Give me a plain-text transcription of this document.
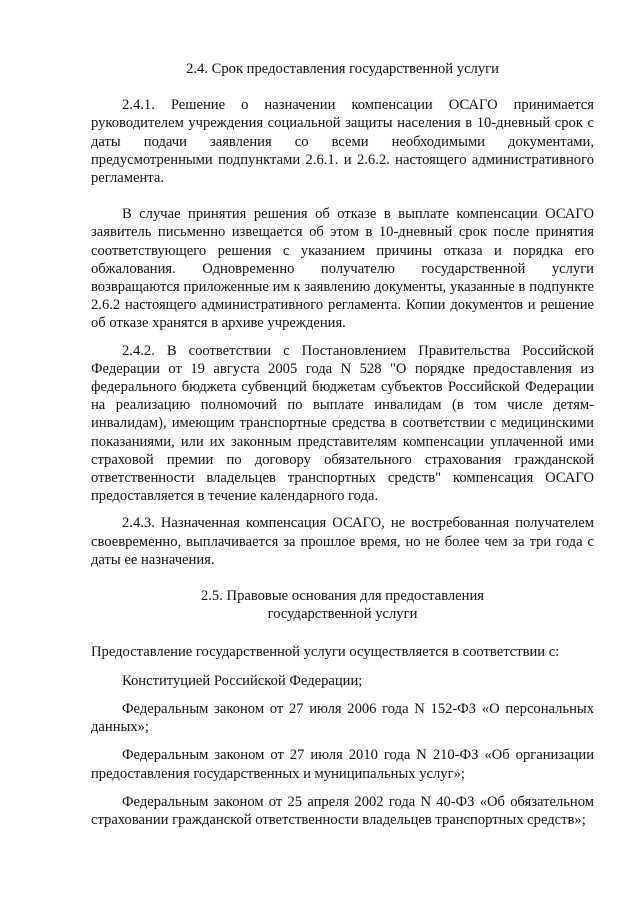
2.4. Срок предоставления государственной услуги

2.4.1. Решение о назначении компенсации ОСАГО принимается руководителем учреждения социальной защиты населения в 10-дневный срок с даты подачи заявления со всеми необходимыми документами, предусмотренными подпунктами 2.6.1. и 2.6.2. настоящего административного регламента.

В случае принятия решения об отказе в выплате компенсации ОСАГО заявитель письменно извещается об этом в 10-дневный срок после принятия соответствующего решения с указанием причины отказа и порядка его обжалования. Одновременно получателю государственной услуги возвращаются приложенные им к заявлению документы, указанные в подпункте 2.6.2 настоящего административного регламента. Копии документов и решение об отказе хранятся в архиве учреждения.

2.4.2. В соответствии с Постановлением Правительства Российской Федерации от 19 августа 2005 года N 528 "О порядке предоставления из федерального бюджета субвенций бюджетам субъектов Российской Федерации на реализацию полномочий по выплате инвалидам (в том числе детям-инвалидам), имеющим транспортные средства в соответствии с медицинскими показаниями, или их законным представителям компенсации уплаченной ими страховой премии по договору обязательного страхования гражданской ответственности владельцев транспортных средств" компенсация ОСАГО предоставляется в течение календарного года.

2.4.3. Назначенная компенсация ОСАГО, не востребованная получателем своевременно, выплачивается за прошлое время, но не более чем за три года с даты ее назначения.

2.5. Правовые основания для предоставления

государственной услуги

Предоставление государственной услуги осуществляется в соответствии с:

Конституцией Российской Федерации;

Федеральным законом от 27 июля 2006 года N 152-ФЗ «О персональных данных»;

Федеральным законом от 27 июля 2010 года N 210-ФЗ «Об организации предоставления государственных и муниципальных услуг»;

Федеральным законом от 25 апреля 2002 года N 40-ФЗ «Об обязательном страховании гражданской ответственности владельцев транспортных средств»;
